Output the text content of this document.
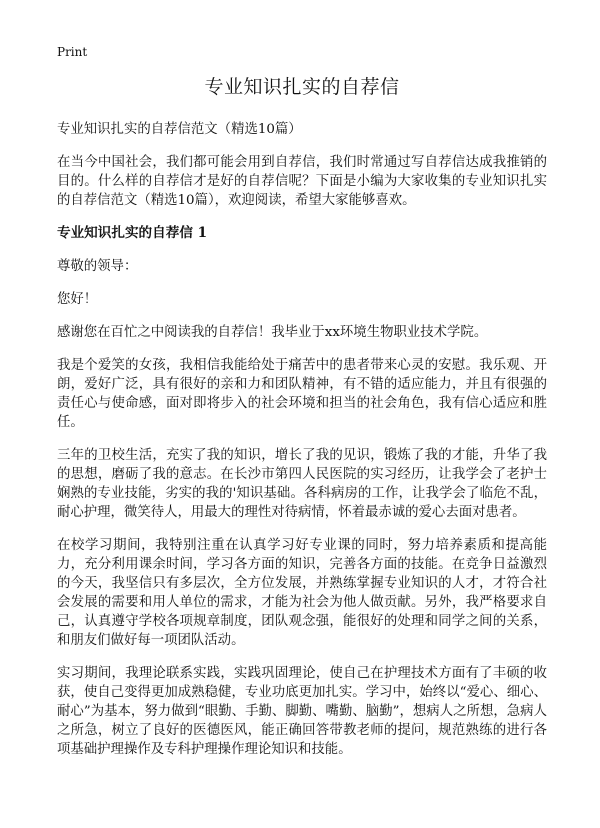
Print
专业知识扎实的自荐信

专业知识扎实的自荐信范文（精选10篇）

在当今中国社会，我们都可能会用到自荐信，我们时常通过写自荐信达成我推销的目的。什么样的自荐信才是好的自荐信呢？下面是小编为大家收集的专业知识扎实的自荐信范文（精选10篇），欢迎阅读，希望大家能够喜欢。

专业知识扎实的自荐信 1

尊敬的领导：

您好！

感谢您在百忙之中阅读我的自荐信！我毕业于xx环境生物职业技术学院。

我是个爱笑的女孩，我相信我能给处于痛苦中的患者带来心灵的安慰。我乐观、开朗，爱好广泛，具有很好的亲和力和团队精神，有不错的适应能力，并且有很强的责任心与使命感，面对即将步入的社会环境和担当的社会角色，我有信心适应和胜任。

三年的卫校生活，充实了我的知识，增长了我的见识，锻炼了我的才能，升华了我的思想，磨砺了我的意志。在长沙市第四人民医院的实习经历，让我学会了老护士娴熟的专业技能，劣实的我的'知识基础。各科病房的工作，让我学会了临危不乱，耐心护理，微笑待人，用最大的理性对待病情，怀着最赤诚的爱心去面对患者。

在校学习期间，我特别注重在认真学习好专业课的同时，努力培养素质和提高能力，充分利用课余时间，学习各方面的知识，完善各方面的技能。在竞争日益激烈的今天，我坚信只有多层次，全方位发展，并熟练掌握专业知识的人才，才符合社会发展的需要和用人单位的需求，才能为社会为他人做贡献。另外，我严格要求自己，认真遵守学校各项规章制度，团队观念强，能很好的处理和同学之间的关系，和朋友们做好每一项团队活动。

实习期间，我理论联系实践，实践巩固理论，使自己在护理技术方面有了丰硕的收获，使自己变得更加成熟稳健，专业功底更加扎实。学习中，始终以“爱心、细心、耐心”为基本，努力做到“眼勤、手勤、脚勤、嘴勤、脑勤”，想病人之所想，急病人之所急，树立了良好的医德医风，能正确回答带教老师的提问，规范熟练的进行各项基础护理操作及专科护理操作理论知识和技能。
